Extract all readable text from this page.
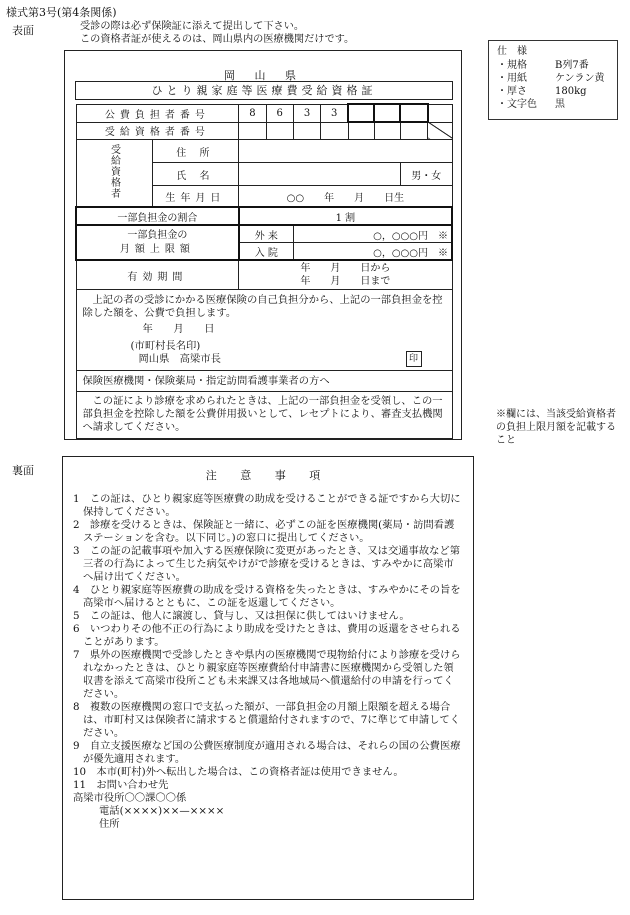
様式第3号(第4条関係)
表面
裏面
受診の際は必ず保険証に添えて提出して下さい。
この資格者証が使えるのは、岡山県内の医療機関だけです。
岡 山 県
ひとり親家庭等医療費受給資格証
公費負担者番号		8	6	3	3				
受給資格者番号									
受給資格者	住 所								
	氏 名							男・女	
	生年月日	○○　　年　　月　　日生							
一部負担金の割合		1 割							

一部負担金の
月額上限額		外 来		○，○○○円　※					
		入 院		○，○○○円　※					
有効期間		年　　月　　日から
年　　月　　日まで							

上記の者の受診にかかる医療保険の自己負担分から、上記の一部負担金を控除した額を、公費で負担します。
年　　月　　日
(市町村長名印)
岡山県　高梁市長 印									

保険医療機関・保険薬局・指定訪問看護事業者の方へ
この証により診療を求められたときは、上記の一部負担金を受領し、この一部負担金を控除した額を公費併用扱いとして、レセプトにより、審査支払機関へ請求してください。									
仕　様
・規格	B列7番
・用紙	ケンラン黄
・厚さ	180kg
・文字色	黒
※欄には、当該受給資格者の負担上限月額を記載すること
注 意 事 項
1　この証は、ひとり親家庭等医療費の助成を受けることができる証ですから大切に保持してください。
2　診療を受けるときは、保険証と一緒に、必ずこの証を医療機関(薬局・訪問看護ステーションを含む。以下同じ。)の窓口に提出してください。
3　この証の記載事項や加入する医療保険に変更があったとき、又は交通事故など第三者の行為によって生じた病気やけがで診療を受けるときは、すみやかに高梁市へ届け出てください。
4　ひとり親家庭等医療費の助成を受ける資格を失ったときは、すみやかにその旨を高梁市へ届けるとともに、この証を返還してください。
5　この証は、他人に譲渡し、貸与し、又は担保に供してはいけません。
6　いつわりその他不正の行為により助成を受けたときは、費用の返還をさせられることがあります。
7　県外の医療機関で受診したときや県内の医療機関で現物給付により診療を受けられなかったときは、ひとり親家庭等医療費給付申請書に医療機関から受領した領収書を添えて高梁市役所こども未来課又は各地域局へ償還給付の申請を行ってください。
8　複数の医療機関の窓口で支払った額が、一部負担金の月額上限額を超える場合は、市町村又は保険者に請求すると償還給付されますので、7に準じて申請してください。
9　自立支援医療など国の公費医療制度が適用される場合は、それらの国の公費医療が優先適用されます。
10　本市(町村)外へ転出した場合は、この資格者証は使用できません。
11　お問い合わせ先
高梁市役所〇〇課〇〇係
電話(××××)××—××××
住所
